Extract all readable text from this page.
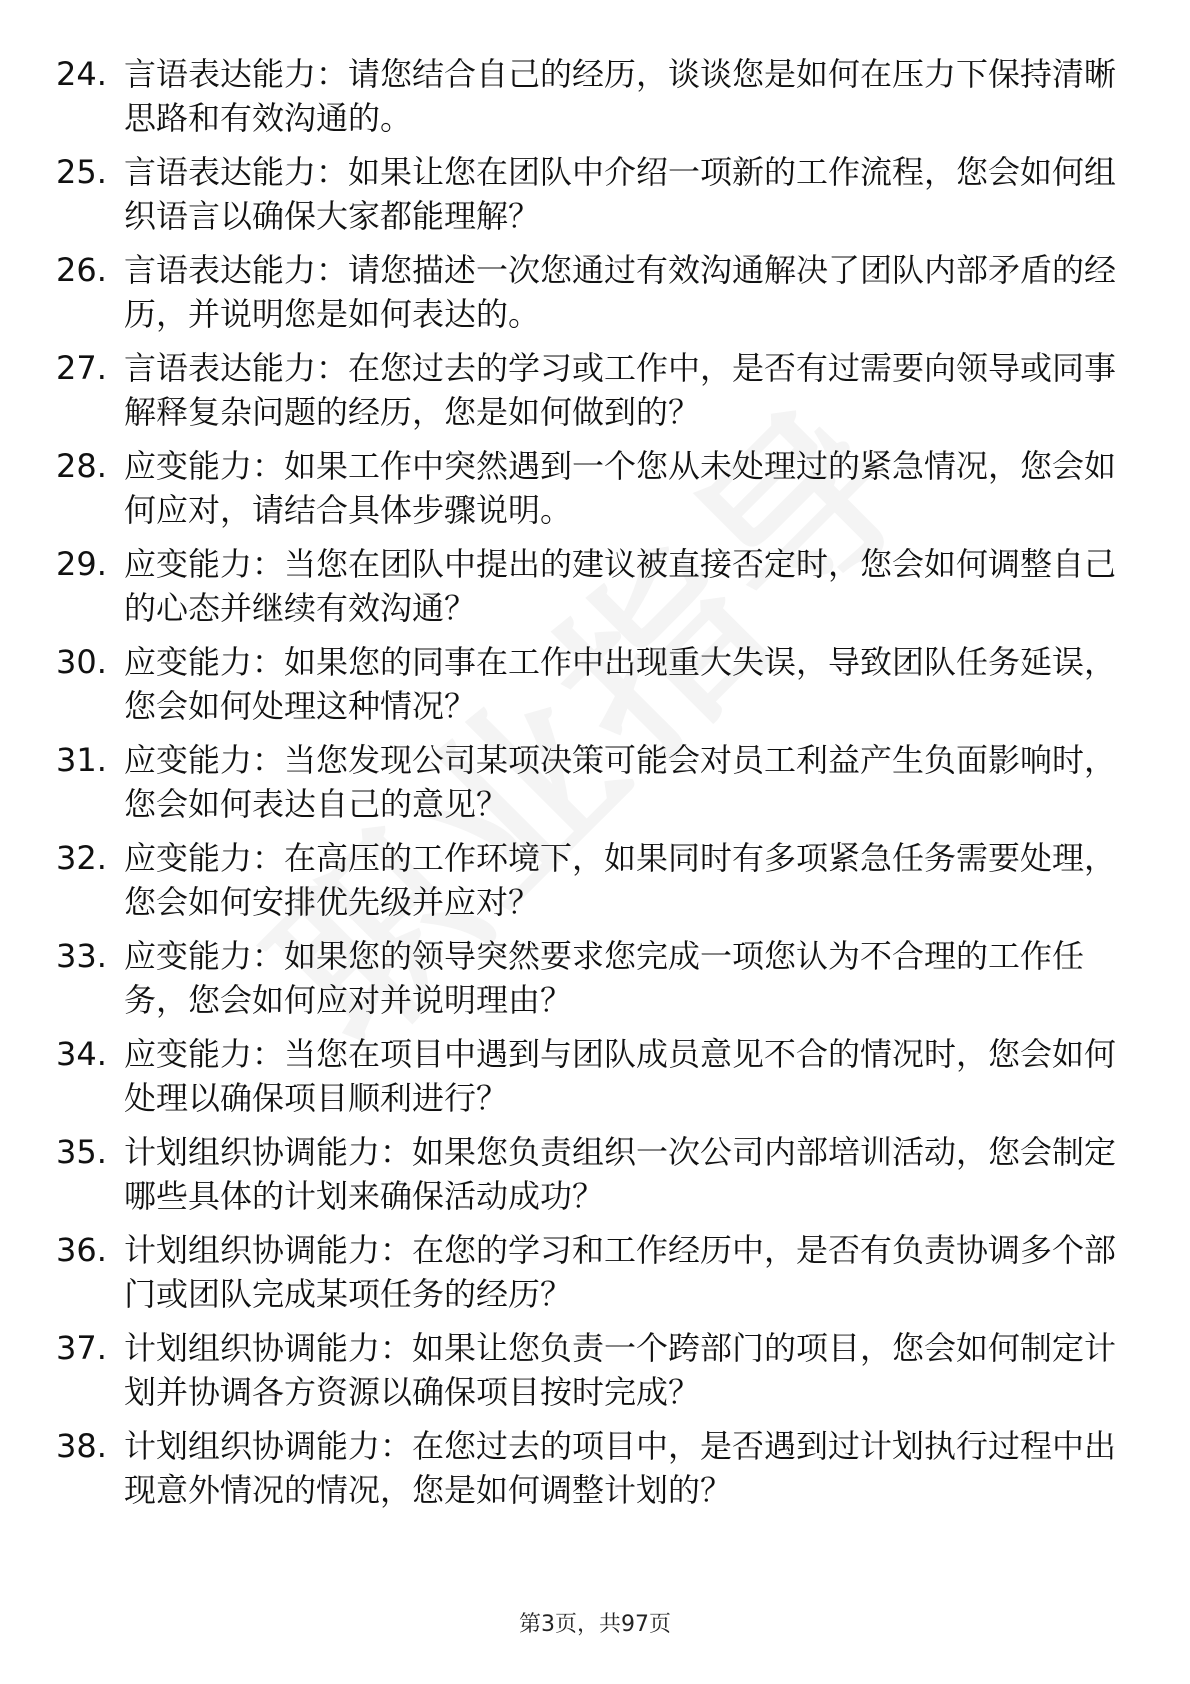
24. 言语表达能力：请您结合自己的经历，谈谈您是如何在压力下保持清晰思路和有效沟通的。
25. 言语表达能力：如果让您在团队中介绍一项新的工作流程，您会如何组织语言以确保大家都能理解？
26. 言语表达能力：请您描述一次您通过有效沟通解决了团队内部矛盾的经历，并说明您是如何表达的。
27. 言语表达能力：在您过去的学习或工作中，是否有过需要向领导或同事解释复杂问题的经历，您是如何做到的？
28. 应变能力：如果工作中突然遇到一个您从未处理过的紧急情况，您会如何应对，请结合具体步骤说明。
29. 应变能力：当您在团队中提出的建议被直接否定时，您会如何调整自己的心态并继续有效沟通？
30. 应变能力：如果您的同事在工作中出现重大失误，导致团队任务延误，您会如何处理这种情况？
31. 应变能力：当您发现公司某项决策可能会对员工利益产生负面影响时，您会如何表达自己的意见？
32. 应变能力：在高压的工作环境下，如果同时有多项紧急任务需要处理，您会如何安排优先级并应对？
33. 应变能力：如果您的领导突然要求您完成一项您认为不合理的工作任务，您会如何应对并说明理由？
34. 应变能力：当您在项目中遇到与团队成员意见不合的情况时，您会如何处理以确保项目顺利进行？
35. 计划组织协调能力：如果您负责组织一次公司内部培训活动，您会制定哪些具体的计划来确保活动成功？
36. 计划组织协调能力：在您的学习和工作经历中，是否有负责协调多个部门或团队完成某项任务的经历？
37. 计划组织协调能力：如果让您负责一个跨部门的项目，您会如何制定计划并协调各方资源以确保项目按时完成？
38. 计划组织协调能力：在您过去的项目中，是否遇到过计划执行过程中出现意外情况的情况，您是如何调整计划的？
第3页，共97页
